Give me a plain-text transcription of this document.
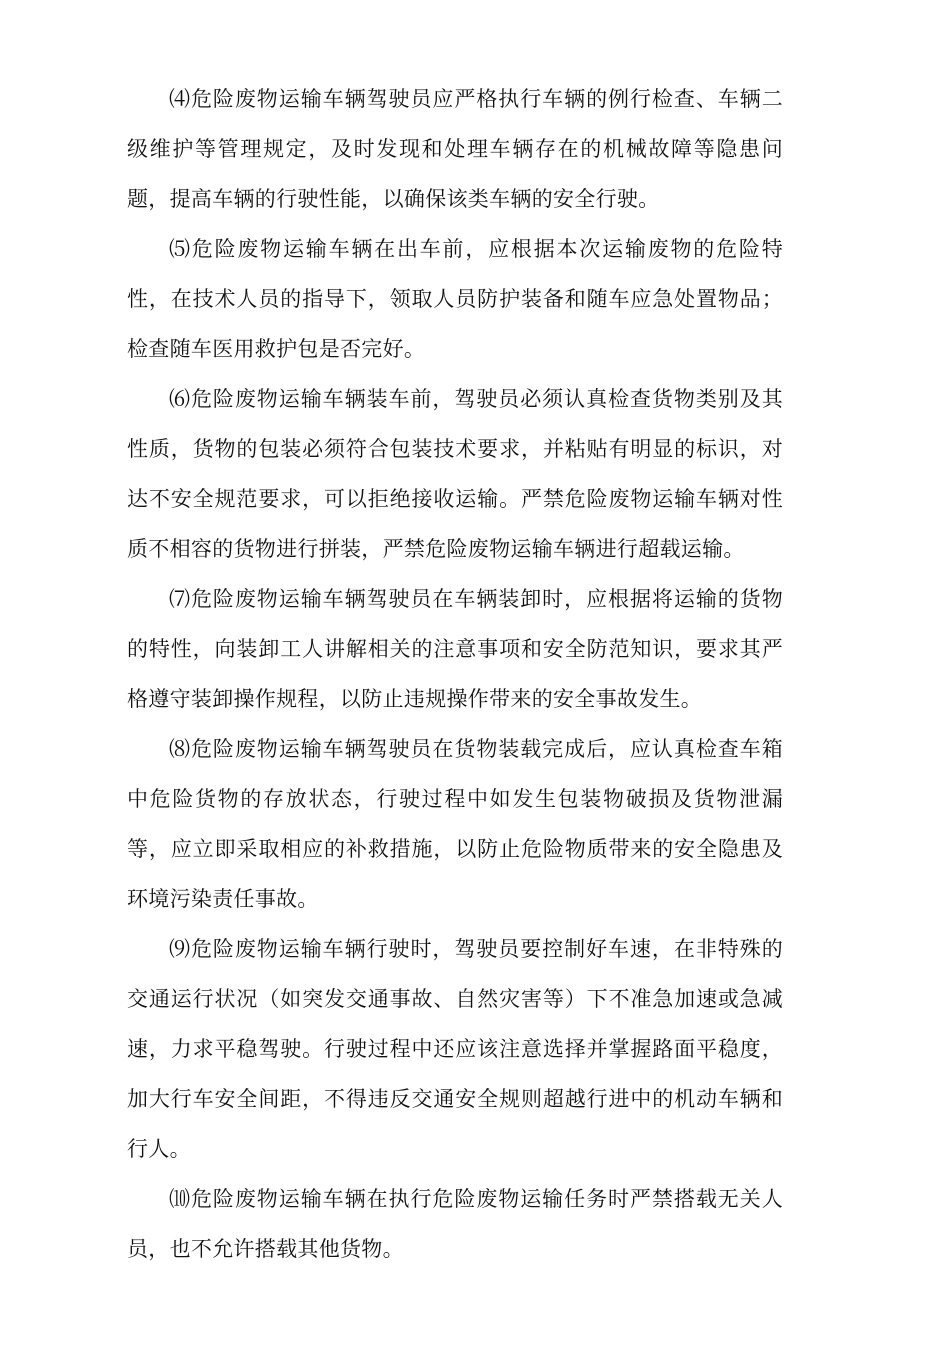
⑷危险废物运输车辆驾驶员应严格执行车辆的例行检查、车辆二级维护等管理规定，及时发现和处理车辆存在的机械故障等隐患问题，提高车辆的行驶性能，以确保该类车辆的安全行驶。

⑸危险废物运输车辆在出车前，应根据本次运输废物的危险特性，在技术人员的指导下，领取人员防护装备和随车应急处置物品；检查随车医用救护包是否完好。

⑹危险废物运输车辆装车前，驾驶员必须认真检查货物类别及其性质，货物的包装必须符合包装技术要求，并粘贴有明显的标识，对达不安全规范要求，可以拒绝接收运输。严禁危险废物运输车辆对性质不相容的货物进行拼装，严禁危险废物运输车辆进行超载运输。

⑺危险废物运输车辆驾驶员在车辆装卸时，应根据将运输的货物的特性，向装卸工人讲解相关的注意事项和安全防范知识，要求其严格遵守装卸操作规程，以防止违规操作带来的安全事故发生。

⑻危险废物运输车辆驾驶员在货物装载完成后，应认真检查车箱中危险货物的存放状态，行驶过程中如发生包装物破损及货物泄漏等，应立即采取相应的补救措施，以防止危险物质带来的安全隐患及环境污染责任事故。

⑼危险废物运输车辆行驶时，驾驶员要控制好车速，在非特殊的交通运行状况（如突发交通事故、自然灾害等）下不准急加速或急减速，力求平稳驾驶。行驶过程中还应该注意选择并掌握路面平稳度，加大行车安全间距，不得违反交通安全规则超越行进中的机动车辆和行人。

⑽危险废物运输车辆在执行危险废物运输任务时严禁搭载无关人员，也不允许搭载其他货物。
